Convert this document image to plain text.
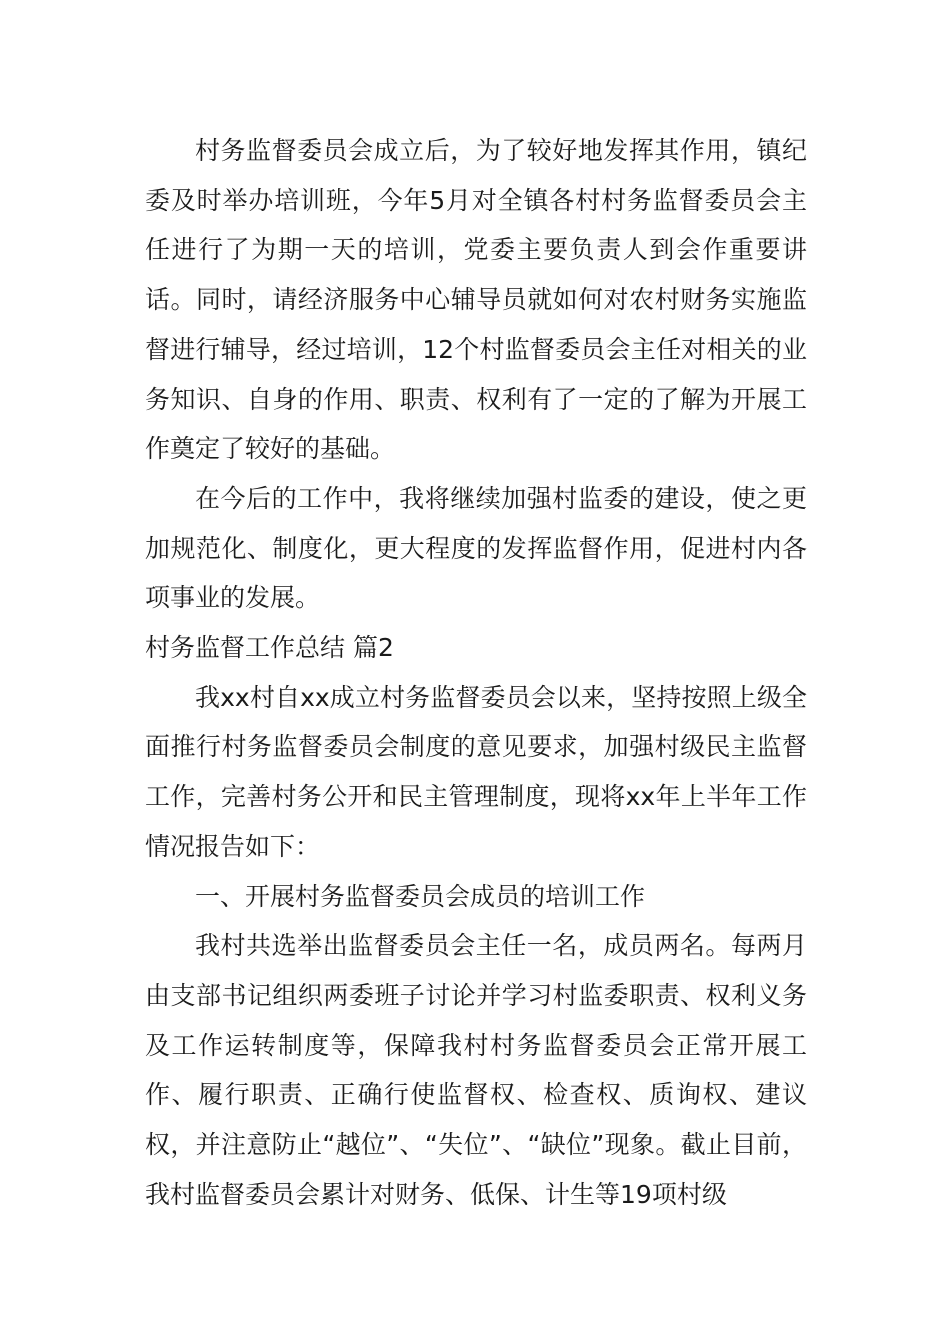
村务监督委员会成立后，为了较好地发挥其作用，镇纪委及时举办培训班，今年5月对全镇各村村务监督委员会主任进行了为期一天的培训，党委主要负责人到会作重要讲话。同时，请经济服务中心辅导员就如何对农村财务实施监督进行辅导，经过培训，12个村监督委员会主任对相关的业务知识、自身的作用、职责、权利有了一定的了解为开展工作奠定了较好的基础。

在今后的工作中，我将继续加强村监委的建设，使之更加规范化、制度化，更大程度的发挥监督作用，促进村内各项事业的发展。

村务监督工作总结 篇2

我xx村自xx成立村务监督委员会以来，坚持按照上级全面推行村务监督委员会制度的意见要求，加强村级民主监督工作，完善村务公开和民主管理制度，现将xx年上半年工作情况报告如下：

一、开展村务监督委员会成员的培训工作

我村共选举出监督委员会主任一名，成员两名。每两月由支部书记组织两委班子讨论并学习村监委职责、权利义务及工作运转制度等，保障我村村务监督委员会正常开展工作、履行职责、正确行使监督权、检查权、质询权、建议权，并注意防止“越位”、“失位”、“缺位”现象。截止目前，我村监督委员会累计对财务、低保、计生等19项村级
